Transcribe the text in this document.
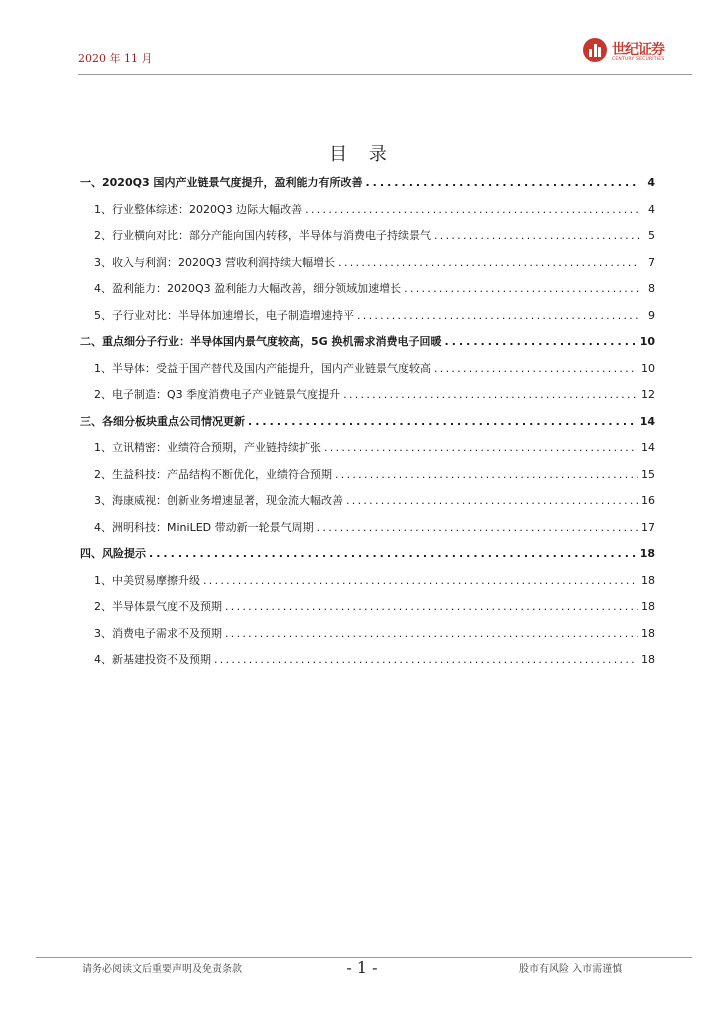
2020 年 11 月
世纪证券
CENTURY SECURITIES
目 录
一、2020Q3 国内产业链景气度提升，盈利能力有所改善 . . .	4
1、行业整体综述：2020Q3 边际大幅改善 . . .	4
2、行业横向对比：部分产能向国内转移，半导体与消费电子持续景气 . . .	5
3、收入与利润：2020Q3 营收利润持续大幅增长 . . .	7
4、盈利能力：2020Q3 盈利能力大幅改善，细分领域加速增长 . . .	8
5、子行业对比：半导体加速增长，电子制造增速持平 . . .	9
二、重点细分子行业：半导体国内景气度较高，5G 换机需求消费电子回暖 . . .	10
1、半导体：受益于国产替代及国内产能提升，国内产业链景气度较高 . . .	10
2、电子制造：Q3 季度消费电子产业链景气度提升 . . .	12
三、各细分板块重点公司情况更新 . . .	14
1、立讯精密：业绩符合预期，产业链持续扩张 . . .	14
2、生益科技：产品结构不断优化，业绩符合预期 . . .	15
3、海康威视：创新业务增速显著，现金流大幅改善 . . .	16
4、洲明科技：MiniLED 带动新一轮景气周期 . . .	17
四、风险提示 . . .	18
1、中美贸易摩擦升级 . . .	18
2、半导体景气度不及预期 . . .	18
3、消费电子需求不及预期 . . .	18
4、新基建投资不及预期 . . .	18
请务必阅读文后重要声明及免责条款	- 1 -	股市有风险 入市需谨慎
